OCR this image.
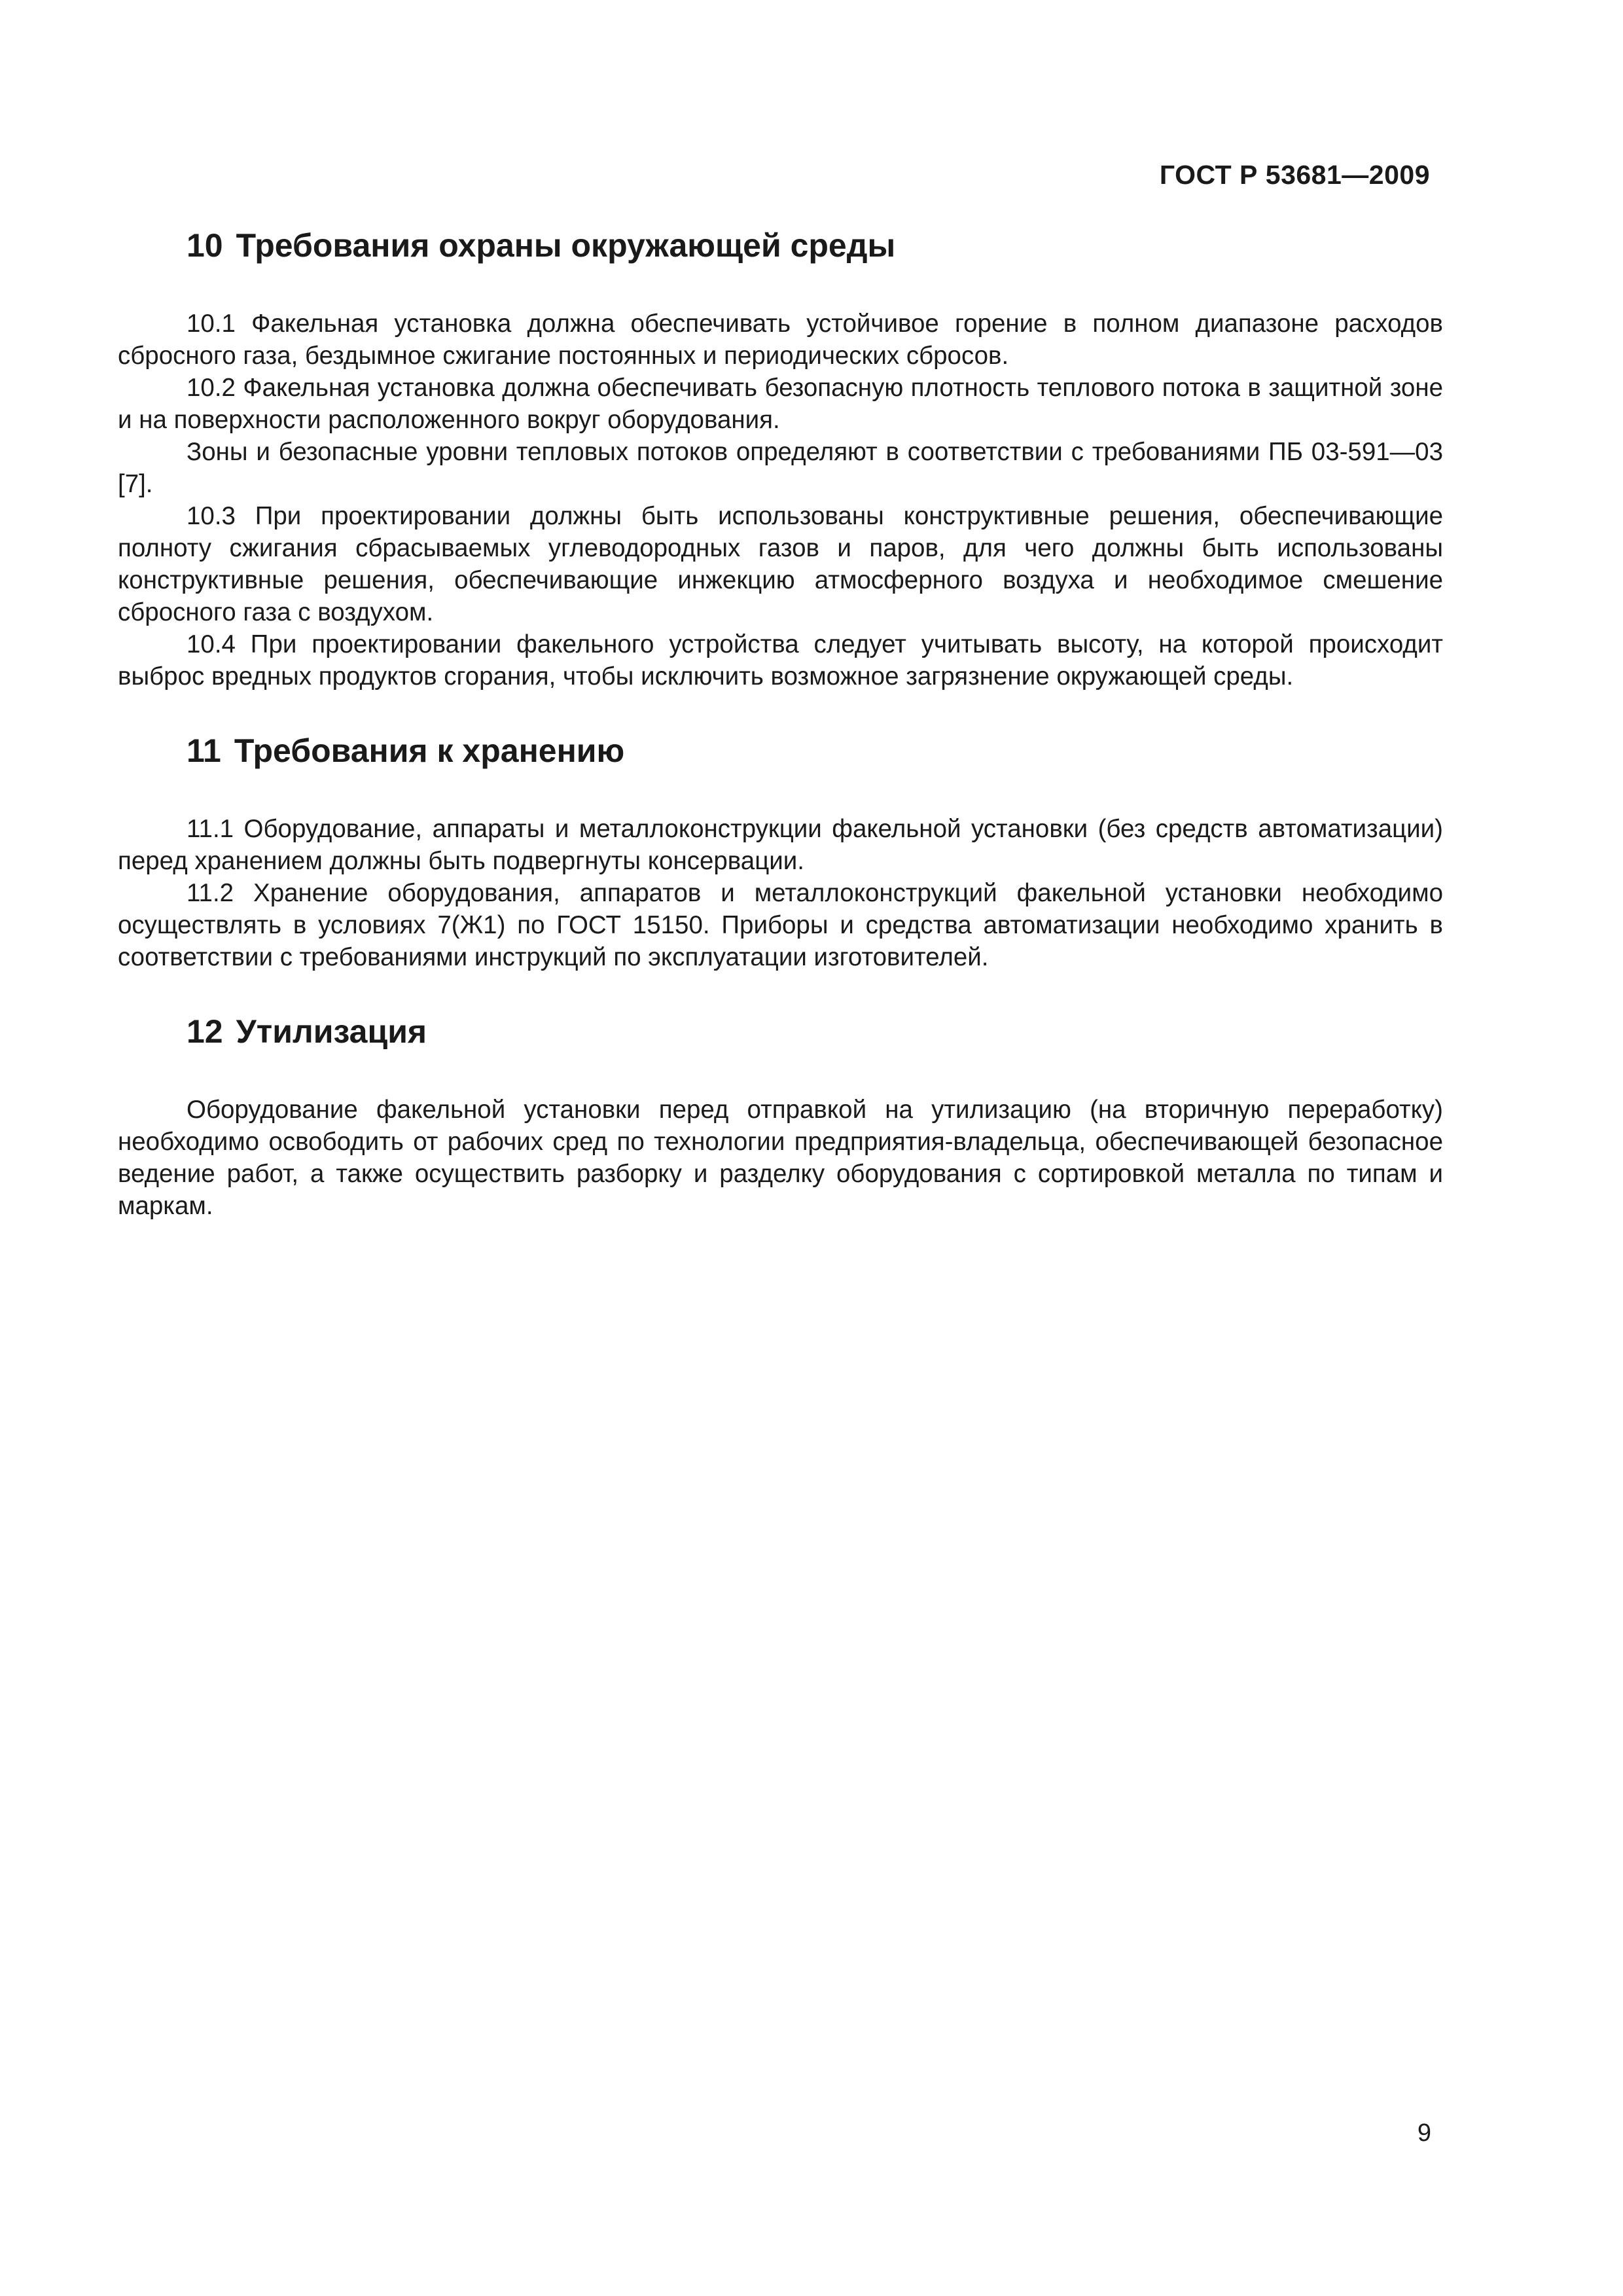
ГОСТ Р 53681—2009
10 Требования охраны окружающей среды

10.1 Факельная установка должна обеспечивать устойчивое горение в полном диапазоне расходов сбросного газа, бездымное сжигание постоянных и периодических сбросов.

10.2 Факельная установка должна обеспечивать безопасную плотность теплового потока в защитной зоне и на поверхности расположенного вокруг оборудования.

Зоны и безопасные уровни тепловых потоков определяют в соответствии с требованиями ПБ 03-591—03 [7].

10.3 При проектировании должны быть использованы конструктивные решения, обеспечивающие полноту сжигания сбрасываемых углеводородных газов и паров, для чего должны быть использованы конструктивные решения, обеспечивающие инжекцию атмосферного воздуха и необходимое смешение сбросного газа с воздухом.

10.4 При проектировании факельного устройства следует учитывать высоту, на которой происходит выброс вредных продуктов сгорания, чтобы исключить возможное загрязнение окружающей среды.

11 Требования к хранению

11.1 Оборудование, аппараты и металлоконструкции факельной установки (без средств автоматизации) перед хранением должны быть подвергнуты консервации.

11.2 Хранение оборудования, аппаратов и металлоконструкций факельной установки необходимо осуществлять в условиях 7(Ж1) по ГОСТ 15150. Приборы и средства автоматизации необходимо хранить в соответствии с требованиями инструкций по эксплуатации изготовителей.

12 Утилизация

Оборудование факельной установки перед отправкой на утилизацию (на вторичную переработку) необходимо освободить от рабочих сред по технологии предприятия-владельца, обеспечивающей безопасное ведение работ, а также осуществить разборку и разделку оборудования с сортировкой металла по типам и маркам.

9
